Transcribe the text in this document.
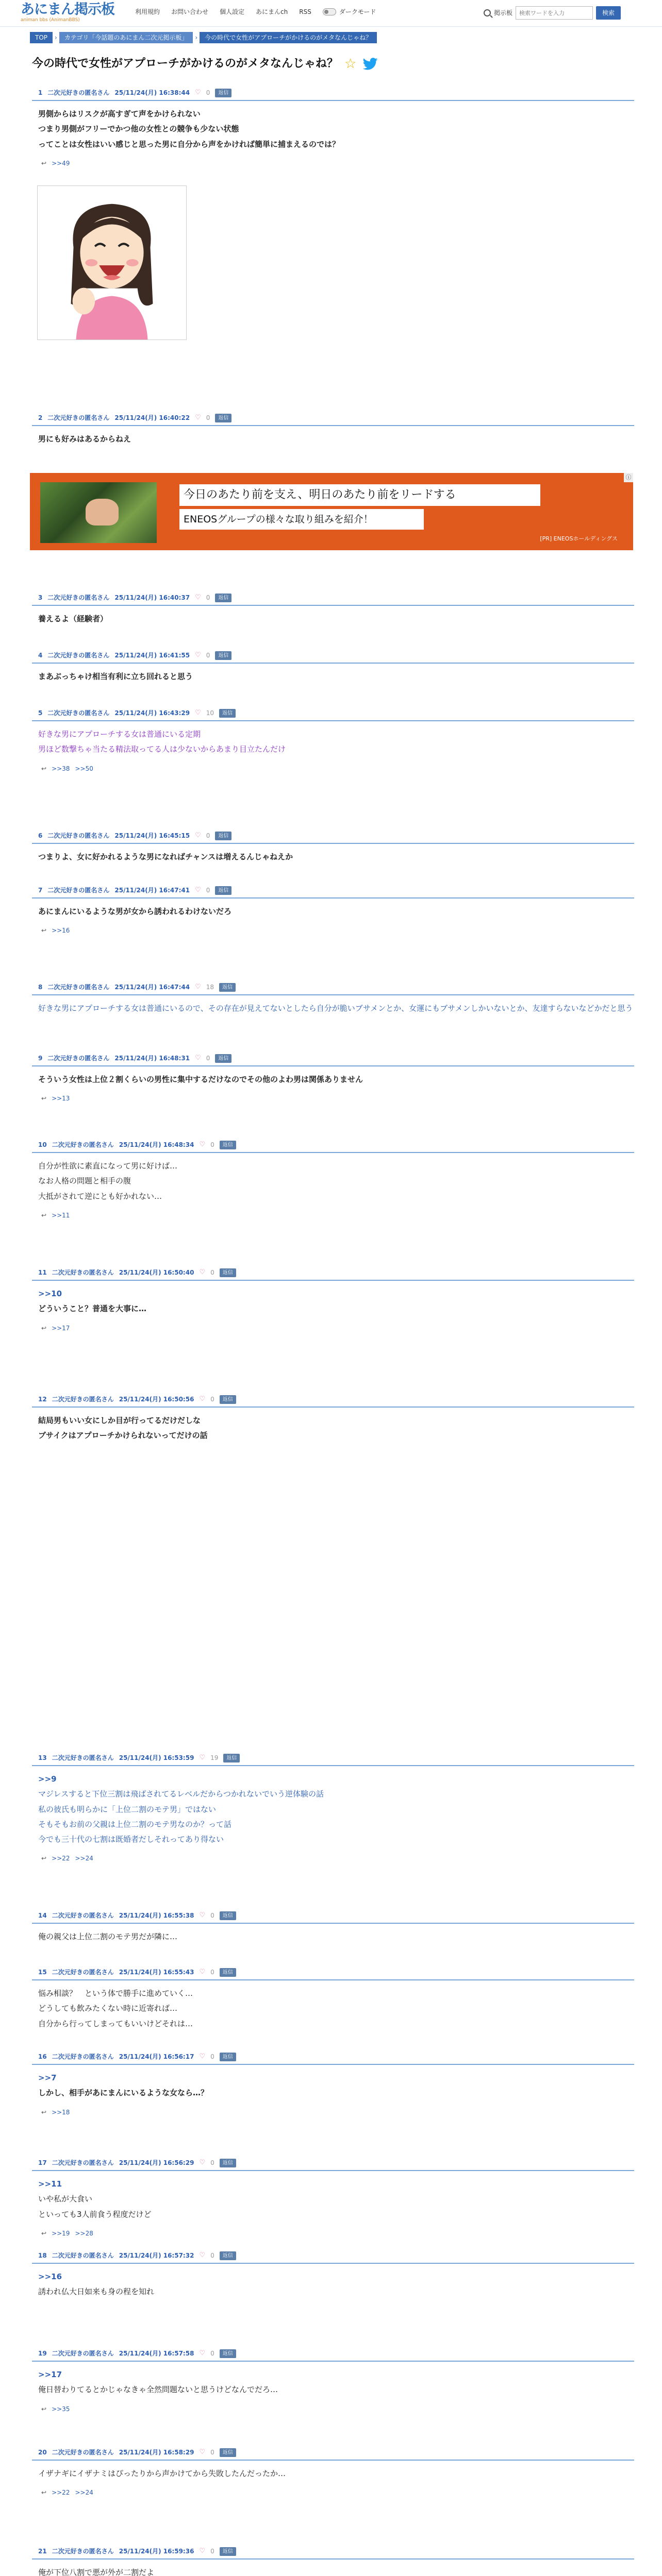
あにまん掲示板
animan bbs (AnimanBBS)
利用規約 お問い合わせ 個人設定 あにまんch RSS	ダークモード	掲示板
検索ワードを入力	検索
TOP	›	カテゴリ「今話題のあにまん二次元掲示板」	›	今の時代で女性がアプローチがかけるのがメタなんじゃね？
今の時代で女性がアプローチがかけるのがメタなんじゃね？ ☆
今日のあたり前を支え、明日のあたり前をリードする
ENEOSグループの様々な取り組みを紹介！
[PR] ENEOSホールディングス
ⓘ
1 二次元好きの匿名さん 25/11/24(月) 16:38:44 ♡ 0	返信

男側からはリスクが高すぎて声をかけられない

つまり男側がフリーでかつ他の女性との競争も少ない状態

ってことは女性はいい感じと思った男に自分から声をかければ簡単に捕まえるのでは？

↩ >>49
2 二次元好きの匿名さん 25/11/24(月) 16:40:22 ♡ 0	返信

男にも好みはあるからねえ

3 二次元好きの匿名さん 25/11/24(月) 16:40:37 ♡ 0	返信

養えるよ（経験者）

4 二次元好きの匿名さん 25/11/24(月) 16:41:55 ♡ 0	返信

まあぶっちゃけ相当有利に立ち回れると思う

5 二次元好きの匿名さん 25/11/24(月) 16:43:29 ♡ 10	返信

好きな男にアプローチする女は普通にいる定期

男ほど数撃ちゃ当たる精法取ってる人は少ないからあまり目立たんだけ

↩ >>38 >>50
6 二次元好きの匿名さん 25/11/24(月) 16:45:15 ♡ 0	返信

つまりよ、女に好かれるような男になればチャンスは増えるんじゃねえか

7 二次元好きの匿名さん 25/11/24(月) 16:47:41 ♡ 0	返信

あにまんにいるような男が女から誘われるわけないだろ

↩ >>16
8 二次元好きの匿名さん 25/11/24(月) 16:47:44 ♡ 18	返信

好きな男にアプローチする女は普通にいるので、その存在が見えてないとしたら自分が脆いブサメンとか、女運にもブサメンしかいないとか、友達すらないなどかだと思う

9 二次元好きの匿名さん 25/11/24(月) 16:48:31 ♡ 0	返信

そういう女性は上位２割くらいの男性に集中するだけなのでその他のよわ男は関係ありません

↩ >>13
10 二次元好きの匿名さん 25/11/24(月) 16:48:34 ♡ 0	返信

自分が性欲に素直になって男に好けば…

なお人格の問題と相手の腹

大抵がされて逆にとも好かれない…

↩ >>11
11 二次元好きの匿名さん 25/11/24(月) 16:50:40 ♡ 0	返信

>>10

どういうこと？普通を大事に…

↩ >>17
12 二次元好きの匿名さん 25/11/24(月) 16:50:56 ♡ 0	返信

結局男もいい女にしか目が行ってるだけだしな

ブサイクはアプローチかけられないってだけの話

13 二次元好きの匿名さん 25/11/24(月) 16:53:59 ♡ 19	返信

>>9

マジレスすると下位三割は飛ばされてるレベルだからつかれないでいう逆体験の話

私の彼氏も明らかに「上位二割のモテ男」ではない

そもそもお前の父親は上位二割のモテ男なのか？って話

今でも三十代の七割は既婚者だしそれってあり得ない

↩ >>22 >>24
14 二次元好きの匿名さん 25/11/24(月) 16:55:38 ♡ 0	返信

俺の親父は上位二割のモテ男だが隣に…

15 二次元好きの匿名さん 25/11/24(月) 16:55:43 ♡ 0	返信

悩み相談？　という体で勝手に進めていく…

どうしても飲みたくない時に近寄れば…

自分から行ってしまってもいいけどそれは…

16 二次元好きの匿名さん 25/11/24(月) 16:56:17 ♡ 0	返信

>>7

しかし、相手があにまんにいるような女なら…？

↩ >>18
17 二次元好きの匿名さん 25/11/24(月) 16:56:29 ♡ 0	返信

>>11

いや私が大食い

といっても3人前食う程度だけど

↩ >>19 >>28
18 二次元好きの匿名さん 25/11/24(月) 16:57:32 ♡ 0	返信

>>16

誘われ仏大日如来も身の程を知れ

19 二次元好きの匿名さん 25/11/24(月) 16:57:58 ♡ 0	返信

>>17

俺日替わりてるとかじゃなきゃ全然問題ないと思うけどなんでだろ…

↩ >>35
20 二次元好きの匿名さん 25/11/24(月) 16:58:29 ♡ 0	返信

イザナギにイザナミはぴったりから声かけてから失敗したんだったか…

↩ >>22 >>24
21 二次元好きの匿名さん 25/11/24(月) 16:59:36 ♡ 0	返信

俺が下位八割で悪が外が二割だよ
